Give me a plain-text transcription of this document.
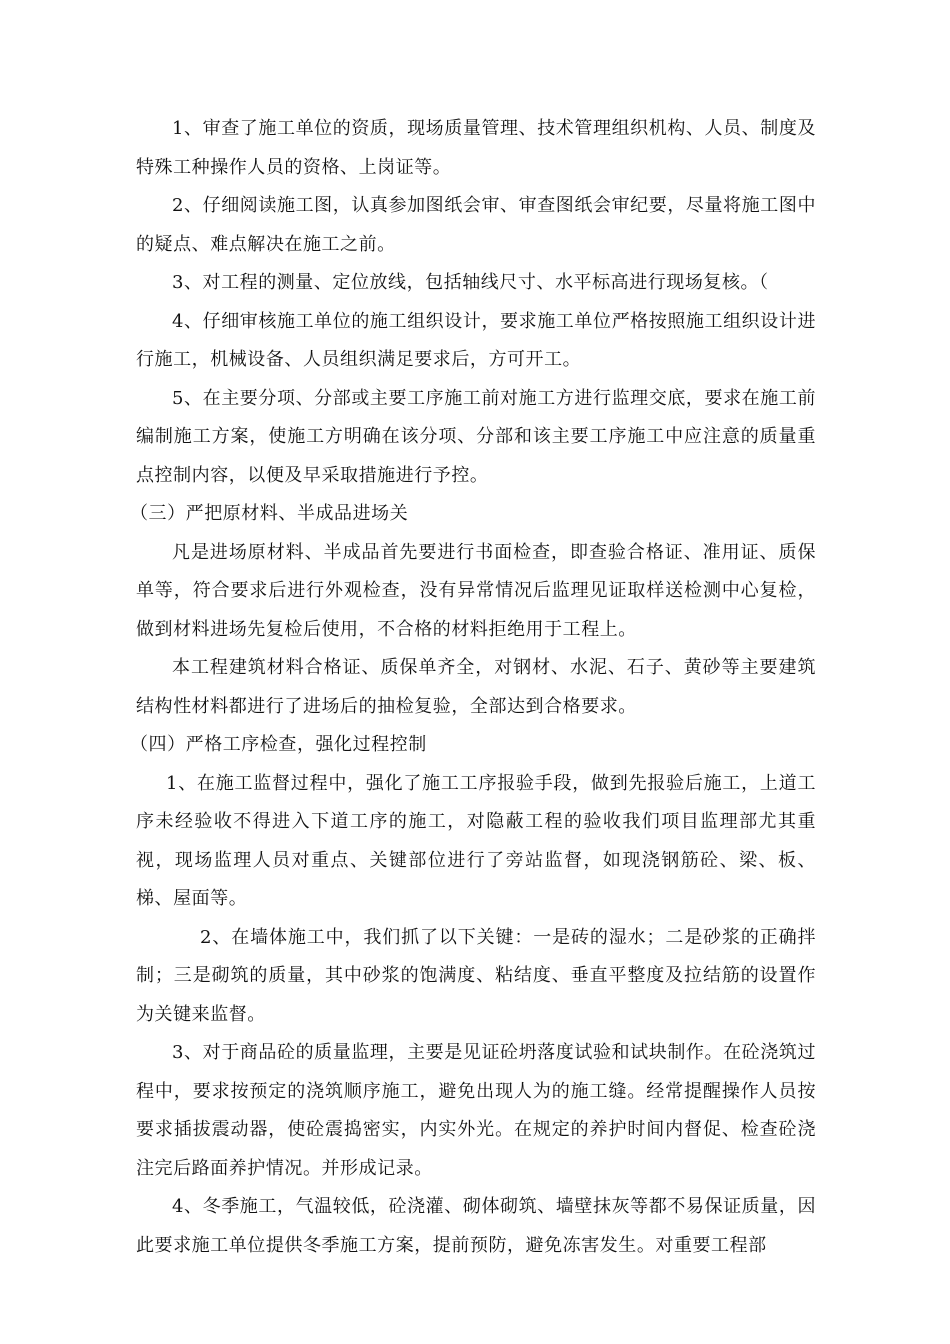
1、审查了施工单位的资质，现场质量管理、技术管理组织机构、人员、制度及特殊工种操作人员的资格、上岗证等。

2、仔细阅读施工图，认真参加图纸会审、审查图纸会审纪要，尽量将施工图中的疑点、难点解决在施工之前。

3、对工程的测量、定位放线，包括轴线尺寸、水平标高进行现场复核。（

4、仔细审核施工单位的施工组织设计，要求施工单位严格按照施工组织设计进行施工，机械设备、人员组织满足要求后，方可开工。

5、在主要分项、分部或主要工序施工前对施工方进行监理交底，要求在施工前编制施工方案，使施工方明确在该分项、分部和该主要工序施工中应注意的质量重点控制内容，以便及早采取措施进行予控。

（三）严把原材料、半成品进场关

凡是进场原材料、半成品首先要进行书面检查，即查验合格证、准用证、质保单等，符合要求后进行外观检查，没有异常情况后监理见证取样送检测中心复检，做到材料进场先复检后使用，不合格的材料拒绝用于工程上。

本工程建筑材料合格证、质保单齐全，对钢材、水泥、石子、黄砂等主要建筑结构性材料都进行了进场后的抽检复验，全部达到合格要求。

（四）严格工序检查，强化过程控制

1、在施工监督过程中，强化了施工工序报验手段，做到先报验后施工，上道工序未经验收不得进入下道工序的施工，对隐蔽工程的验收我们项目监理部尤其重视，现场监理人员对重点、关键部位进行了旁站监督，如现浇钢筋砼、梁、板、梯、屋面等。

2、在墙体施工中，我们抓了以下关键：一是砖的湿水；二是砂浆的正确拌制；三是砌筑的质量，其中砂浆的饱满度、粘结度、垂直平整度及拉结筋的设置作为关键来监督。

3、对于商品砼的质量监理，主要是见证砼坍落度试验和试块制作。在砼浇筑过程中，要求按预定的浇筑顺序施工，避免出现人为的施工缝。经常提醒操作人员按要求插拔震动器，使砼震捣密实，内实外光。在规定的养护时间内督促、检查砼浇注完后路面养护情况。并形成记录。

4、冬季施工，气温较低，砼浇灌、砌体砌筑、墙壁抹灰等都不易保证质量，因此要求施工单位提供冬季施工方案，提前预防，避免冻害发生。对重要工程部
